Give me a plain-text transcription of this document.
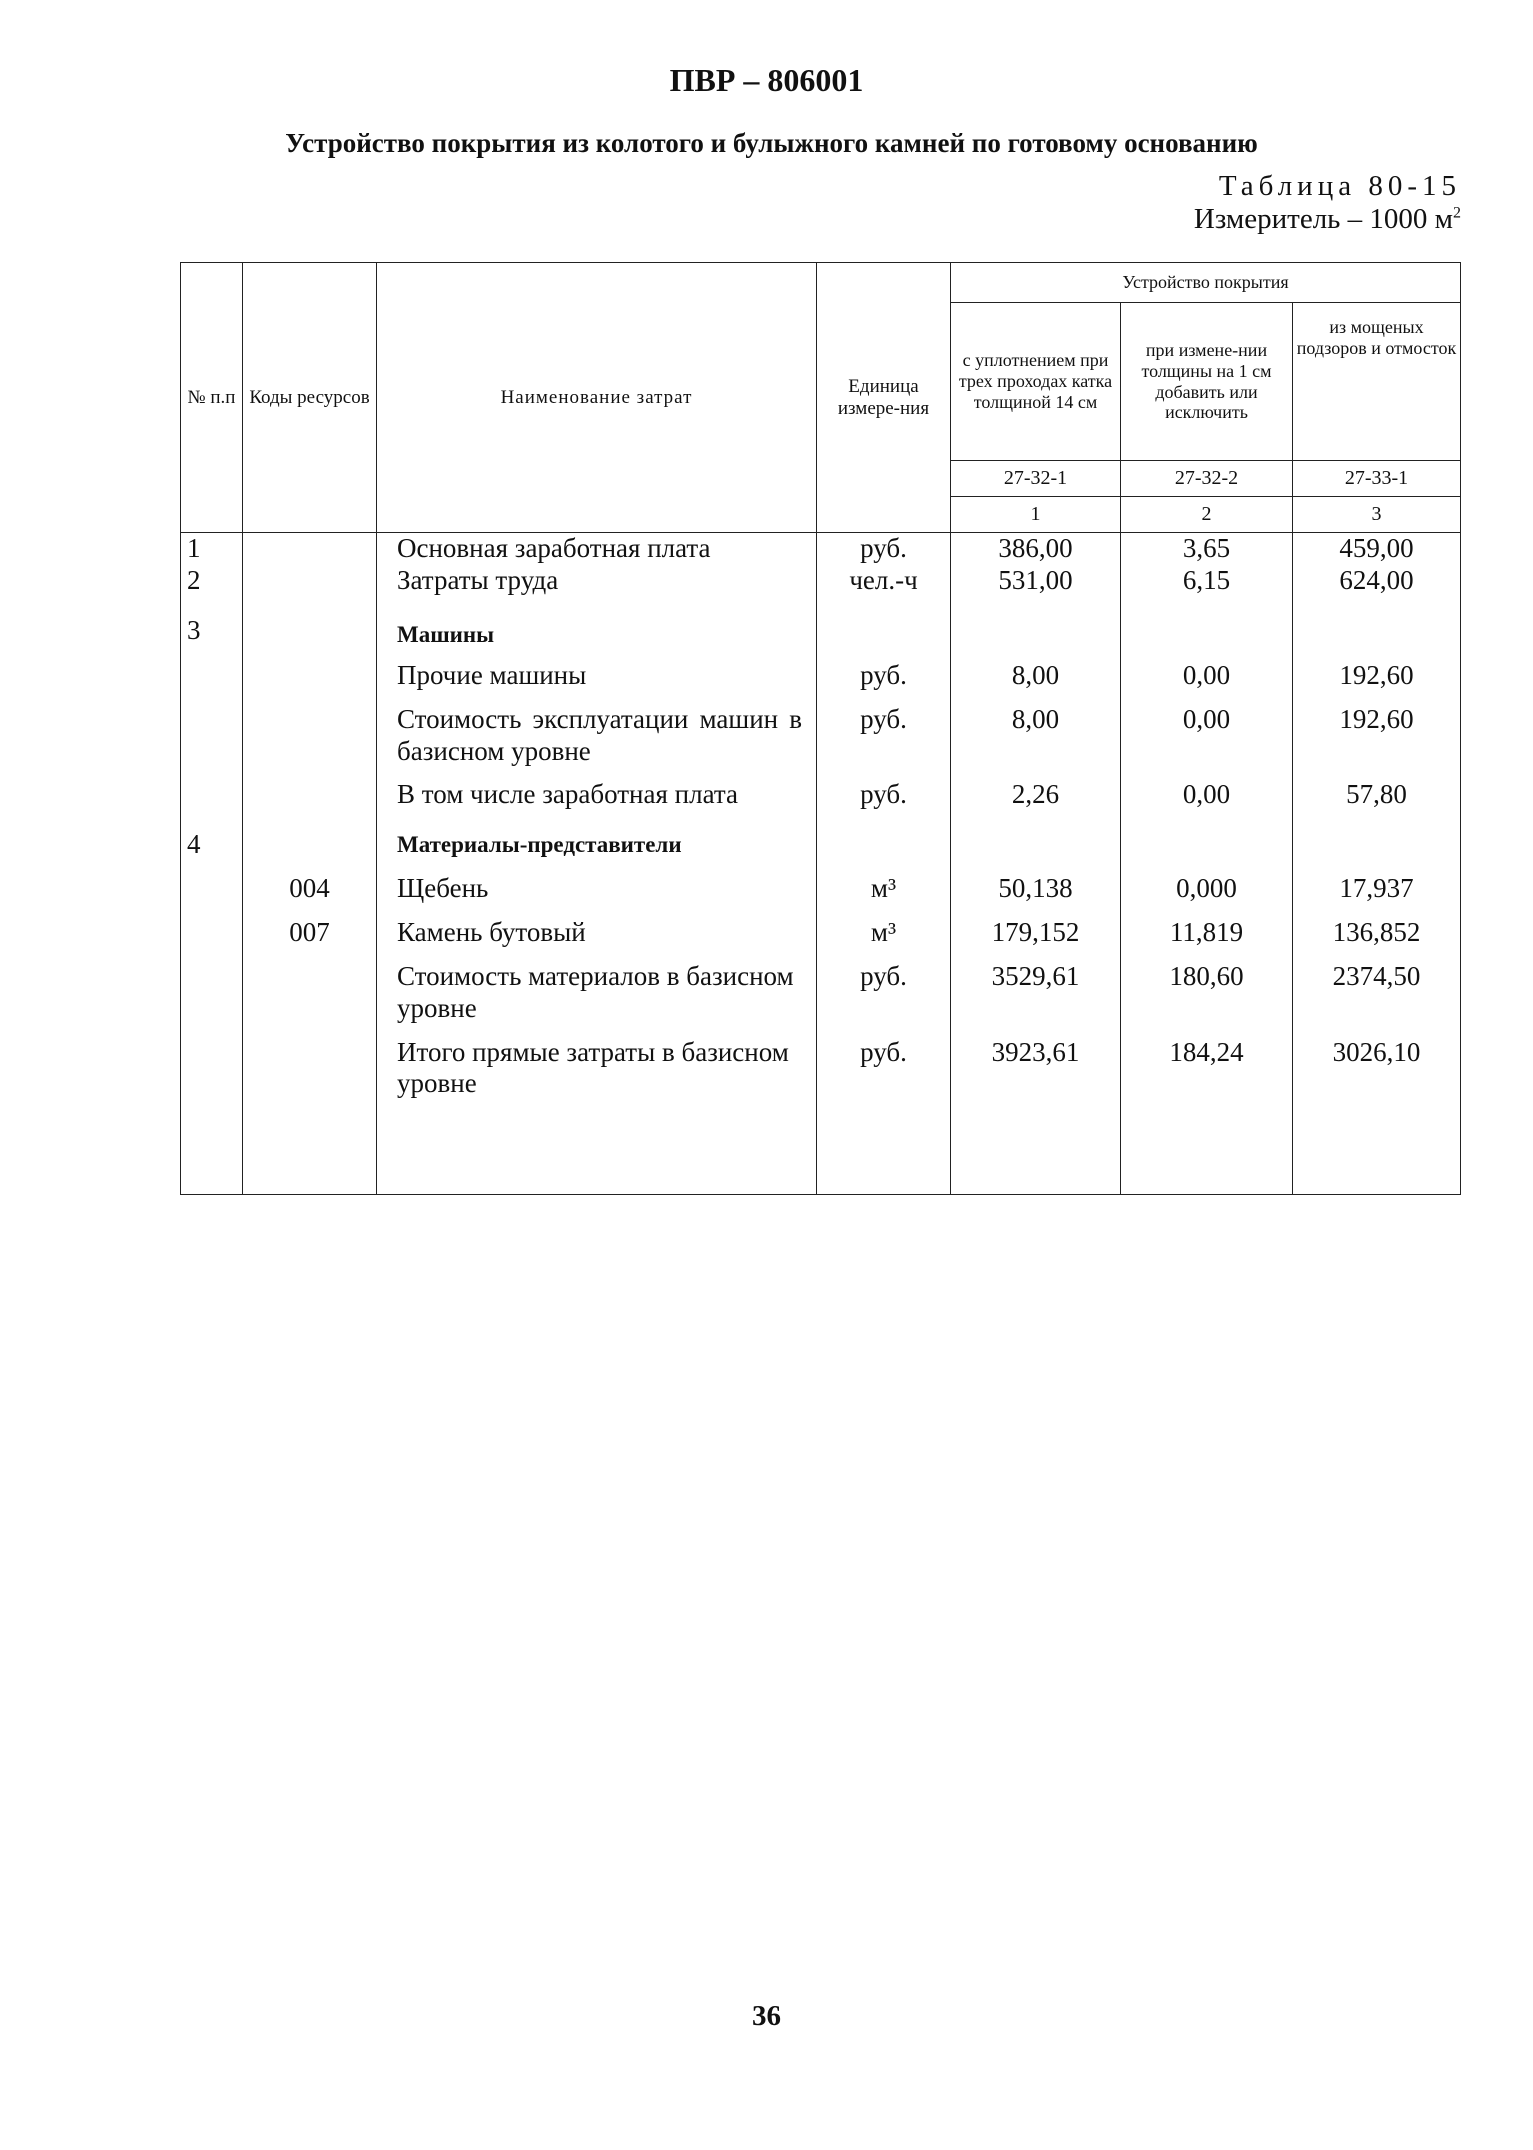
ПВР – 806001
Устройство покрытия из колотого и булыжного камней по готовому основанию
Таблица 80-15
Измеритель – 1000 $м^2$
№ п.п	Коды ресурсов	Наименование затрат	Единица измере-ния	Устройство покрытия		
				с уплотнением при трех проходах катка толщиной 14 см	при измене-нии толщины на 1 см добавить или исключить	из мощеных подзоров и отмосток
				27-32-1	27-32-2	27-33-1
				1	2	3
1		Основная заработная плата	руб.	386,00	3,65	459,00
2		Затраты труда	чел.-ч	531,00	6,15	624,00
3		Машины				
		Прочие машины	руб.	8,00	0,00	192,60
		Стоимость эксплуатации машин в базисном уровне	руб.	8,00	0,00	192,60
		В том числе заработная плата	руб.	2,26	0,00	57,80
4		Материалы-представители				
	004	Щебень	м³	50,138	0,000	17,937
	007	Камень бутовый	м³	179,152	11,819	136,852
		Стоимость материалов в базисном уровне	руб.	3529,61	180,60	2374,50
		Итого прямые затраты в базисном уровне	руб.	3923,61	184,24	3026,10

36
